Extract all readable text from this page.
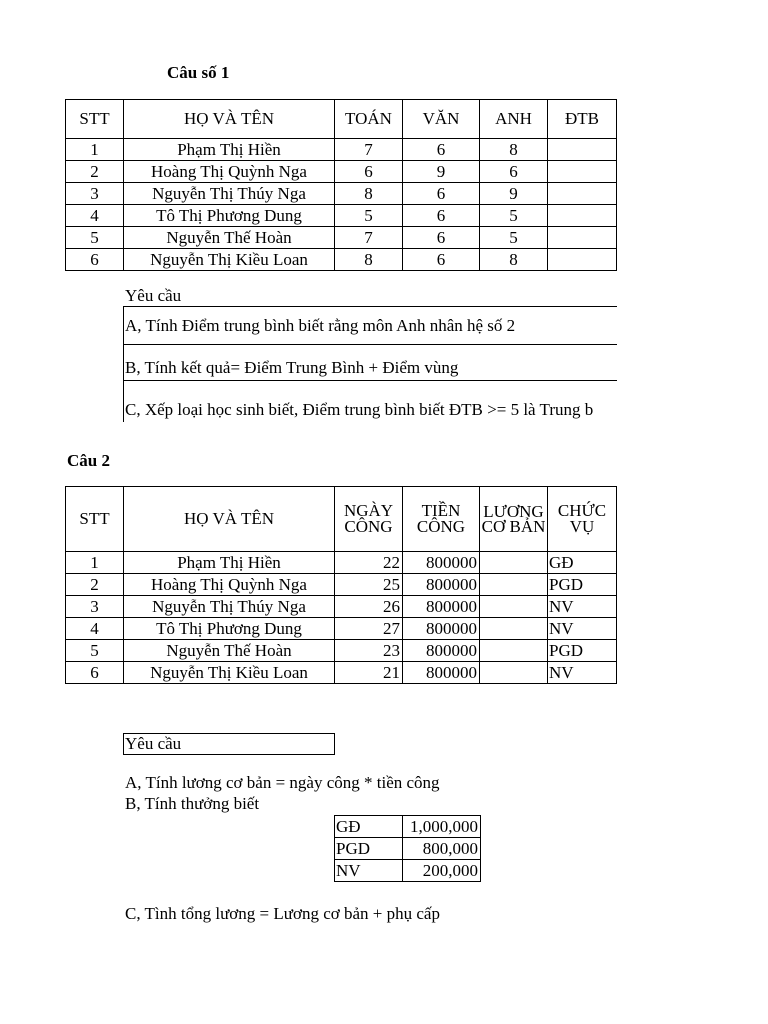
Câu số 1
STT	HỌ VÀ TÊN	TOÁN	VĂN	ANH	ĐTB
1	Phạm Thị Hiền	7	6	8	
2	Hoàng Thị Quỳnh Nga	6	9	6	
3	Nguyễn Thị Thúy Nga	8	6	9	
4	Tô Thị Phương Dung	5	6	5	
5	Nguyễn Thế Hoàn	7	6	5	
6	Nguyễn Thị Kiều Loan	8	6	8	
Yêu cầu
A, Tính Điểm trung bình biết rằng môn Anh nhân hệ số 2
B, Tính kết quả= Điểm Trung Bình + Điểm vùng
C, Xếp loại học sinh biết, Điểm trung bình biết ĐTB >= 5 là Trung b
Câu 2
STT	HỌ VÀ TÊN	NGÀY CÔNG	TIỀN CÔNG	LƯƠNG CƠ BẢN	CHỨC VỤ
1	Phạm Thị Hiền	22	800000		GĐ
2	Hoàng Thị Quỳnh Nga	25	800000		PGD
3	Nguyễn Thị Thúy Nga	26	800000		NV
4	Tô Thị Phương Dung	27	800000		NV
5	Nguyễn Thế Hoàn	23	800000		PGD
6	Nguyễn Thị Kiều Loan	21	800000		NV
Yêu cầu
A, Tính lương cơ bản = ngày công * tiền công
B, Tính thưởng biết
GĐ	1,000,000
PGD	800,000
NV	200,000
C, Tình tổng lương = Lương cơ bản + phụ cấp
